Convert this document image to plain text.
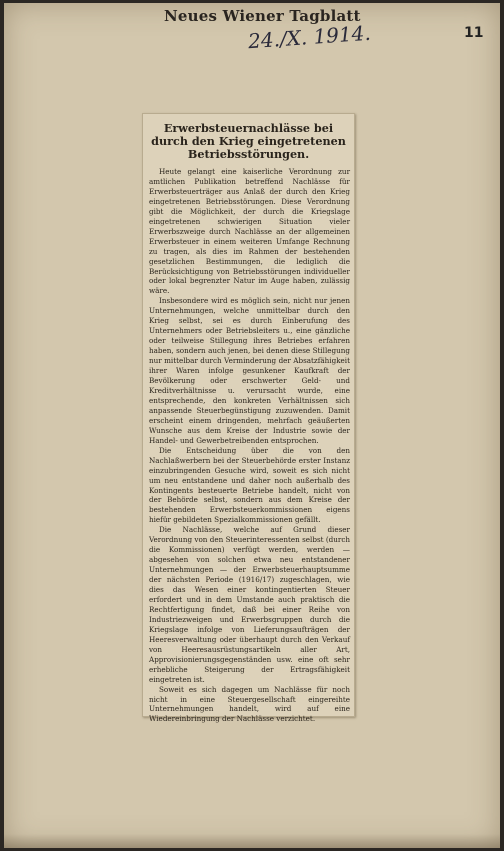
Neues Wiener Tagblatt
24./X. 1914.	11
Erwerbsteuernachlässe bei durch den Krieg eingetretenen Betriebsstörungen.

Heute gelangt eine kaiserliche Verordnung zur amtlichen Publikation betreffend Nachlässe für Erwerbsteuerträger aus Anlaß der durch den Krieg eingetretenen Betriebsstörungen. Diese Verordnung gibt die Möglichkeit, der durch die Kriegslage eingetretenen schwierigen Situation vieler Erwerbszweige durch Nachlässe an der allgemeinen Erwerbsteuer in einem weiteren Umfange Rechnung zu tragen, als dies im Rahmen der bestehenden gesetzlichen Bestimmungen, die lediglich die Berücksichtigung von Betriebsstörungen individueller oder lokal begrenzter Natur im Auge haben, zulässig wäre.

Insbesondere wird es möglich sein, nicht nur jenen Unternehmungen, welche unmittelbar durch den Krieg selbst, sei es durch Einberufung des Unternehmers oder Betriebsleiters u., eine gänzliche oder teilweise Stillegung ihres Betriebes erfahren haben, sondern auch jenen, bei denen diese Stillegung nur mittelbar durch Verminderung der Absatzfähigkeit ihrer Waren infolge gesunkener Kaufkraft der Bevölkerung oder erschwerter Geld- und Kreditverhältnisse u. verursacht wurde, eine entsprechende, den konkreten Verhältnissen sich anpassende Steuerbegünstigung zuzuwenden. Damit erscheint einem dringenden, mehrfach geäußerten Wunsche aus dem Kreise der Industrie sowie der Handel- und Gewerbetreibenden entsprochen.

Die Entscheidung über die von den Nachlaßwerbern bei der Steuerbehörde erster Instanz einzubringenden Gesuche wird, soweit es sich nicht um neu entstandene und daher noch außerhalb des Kontingents besteuerte Betriebe handelt, nicht von der Behörde selbst, sondern aus dem Kreise der bestehenden Erwerbsteuerkommissionen eigens hiefür gebildeten Spezialkommissionen gefällt.

Die Nachlässe, welche auf Grund dieser Verordnung von den Steuerinteressenten selbst (durch die Kommissionen) verfügt werden, werden — abgesehen von solchen etwa neu entstandener Unternehmungen — der Erwerbsteuerhauptsumme der nächsten Periode (1916/17) zugeschlagen, wie dies das Wesen einer kontingentierten Steuer erfordert und in dem Umstande auch praktisch die Rechtfertigung findet, daß bei einer Reihe von Industriezweigen und Erwerbsgruppen durch die Kriegslage infolge von Lieferungsaufträgen der Heeresverwaltung oder überhaupt durch den Verkauf von Heeresausrüstungsartikeln aller Art, Approvisionierungsgegenständen usw. eine oft sehr erhebliche Steigerung der Ertragsfähigkeit eingetreten ist.

Soweit es sich dagegen um Nachlässe für noch nicht in eine Steuergesellschaft eingereihte Unternehmungen handelt, wird auf eine Wiedereinbringung der Nachlässe verzichtet.
